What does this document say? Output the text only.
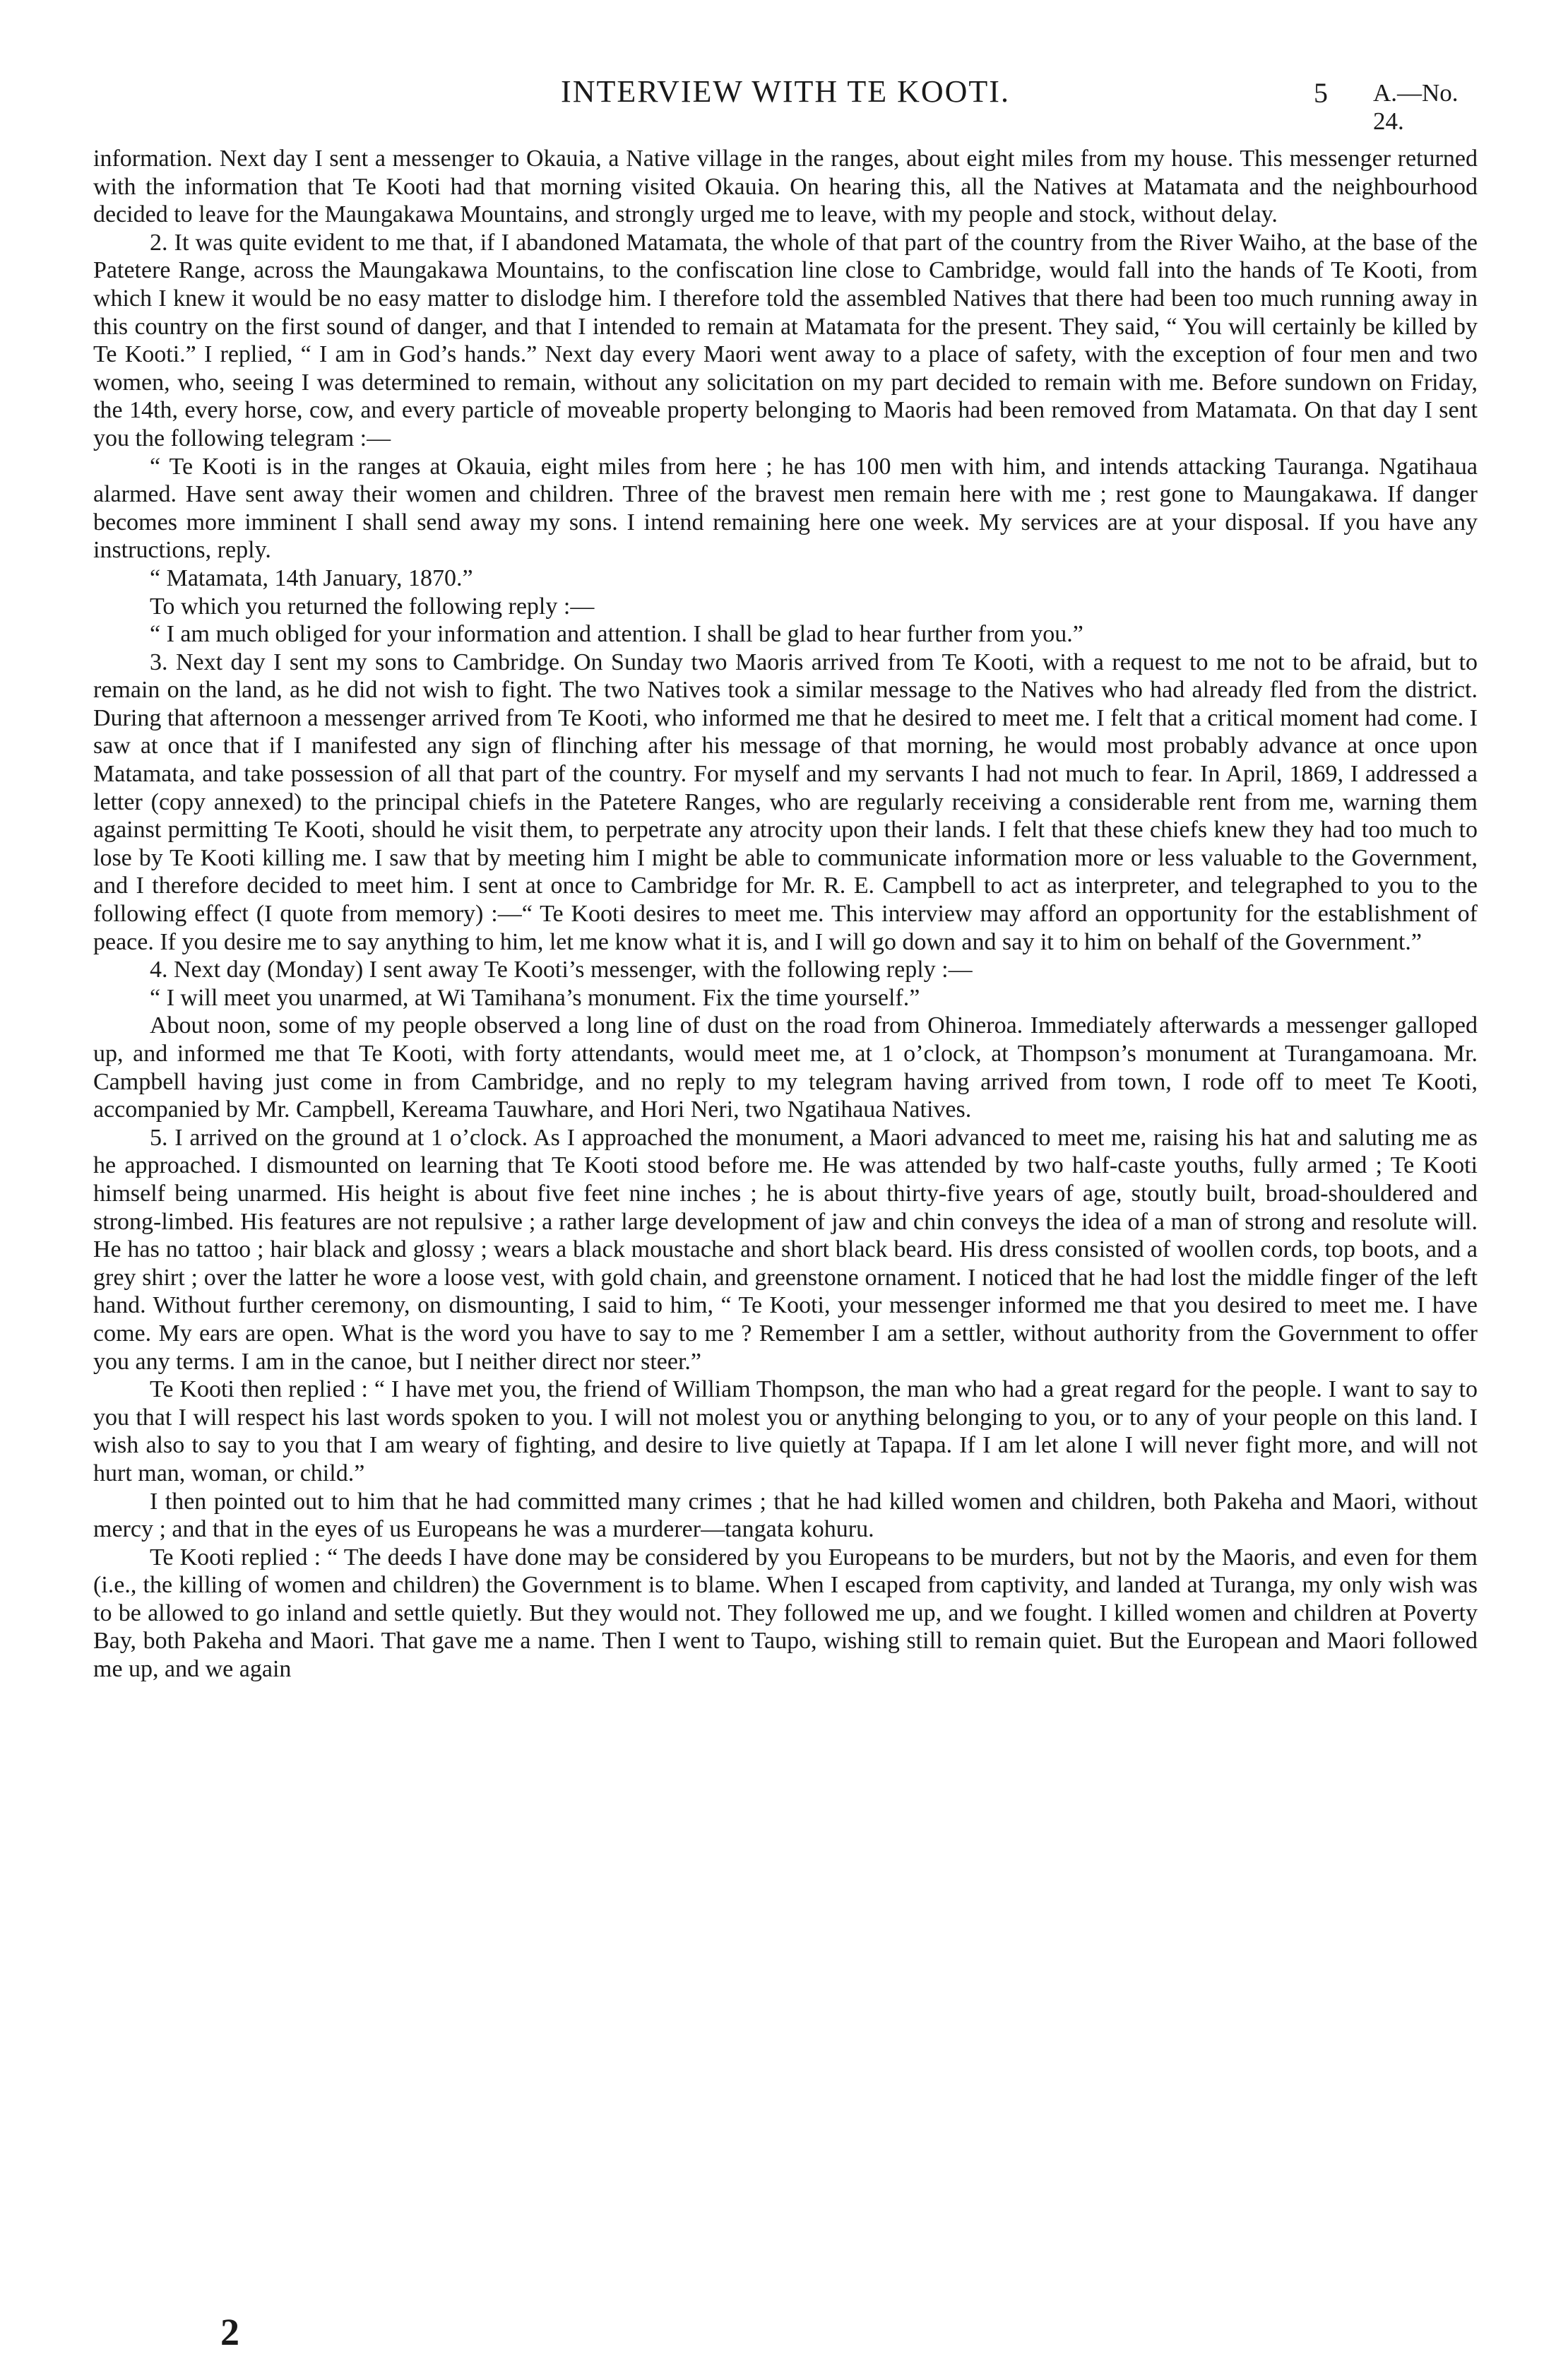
INTERVIEW WITH TE KOOTI.	5 A.—No. 24.

information. Next day I sent a messenger to Okauia, a Native village in the ranges, about eight miles from my house. This messenger returned with the information that Te Kooti had that morning visited Okauia. On hearing this, all the Natives at Matamata and the neighbourhood decided to leave for the Maungakawa Mountains, and strongly urged me to leave, with my people and stock, without delay.

2. It was quite evident to me that, if I abandoned Matamata, the whole of that part of the country from the River Waiho, at the base of the Patetere Range, across the Maungakawa Mountains, to the confiscation line close to Cambridge, would fall into the hands of Te Kooti, from which I knew it would be no easy matter to dislodge him. I therefore told the assembled Natives that there had been too much running away in this country on the first sound of danger, and that I intended to remain at Matamata for the present. They said, “ You will certainly be killed by Te Kooti.” I replied, “ I am in God’s hands.” Next day every Maori went away to a place of safety, with the exception of four men and two women, who, seeing I was determined to remain, without any solicitation on my part decided to remain with me. Before sundown on Friday, the 14th, every horse, cow, and every particle of moveable property belonging to Maoris had been removed from Matamata. On that day I sent you the following telegram :—

“ Te Kooti is in the ranges at Okauia, eight miles from here ; he has 100 men with him, and intends attacking Tauranga. Ngatihaua alarmed. Have sent away their women and children. Three of the bravest men remain here with me ; rest gone to Maungakawa. If danger becomes more imminent I shall send away my sons. I intend remaining here one week. My services are at your disposal. If you have any instructions, reply.

“ Matamata, 14th January, 1870.”

To which you returned the following reply :—

“ I am much obliged for your information and attention. I shall be glad to hear further from you.”

3. Next day I sent my sons to Cambridge. On Sunday two Maoris arrived from Te Kooti, with a request to me not to be afraid, but to remain on the land, as he did not wish to fight. The two Natives took a similar message to the Natives who had already fled from the district. During that afternoon a messenger arrived from Te Kooti, who informed me that he desired to meet me. I felt that a critical moment had come. I saw at once that if I manifested any sign of flinching after his message of that morning, he would most probably advance at once upon Matamata, and take possession of all that part of the country. For myself and my servants I had not much to fear. In April, 1869, I addressed a letter (copy annexed) to the principal chiefs in the Patetere Ranges, who are regularly receiving a considerable rent from me, warning them against permitting Te Kooti, should he visit them, to perpetrate any atrocity upon their lands. I felt that these chiefs knew they had too much to lose by Te Kooti killing me. I saw that by meeting him I might be able to communicate information more or less valuable to the Government, and I therefore decided to meet him. I sent at once to Cambridge for Mr. R. E. Campbell to act as interpreter, and telegraphed to you to the following effect (I quote from memory) :—“ Te Kooti desires to meet me. This interview may afford an opportunity for the establishment of peace. If you desire me to say anything to him, let me know what it is, and I will go down and say it to him on behalf of the Government.”

4. Next day (Monday) I sent away Te Kooti’s messenger, with the following reply :—

“ I will meet you unarmed, at Wi Tamihana’s monument. Fix the time yourself.”

About noon, some of my people observed a long line of dust on the road from Ohineroa. Immediately afterwards a messenger galloped up, and informed me that Te Kooti, with forty attendants, would meet me, at 1 o’clock, at Thompson’s monument at Turangamoana. Mr. Campbell having just come in from Cambridge, and no reply to my telegram having arrived from town, I rode off to meet Te Kooti, accompanied by Mr. Campbell, Kereama Tauwhare, and Hori Neri, two Ngatihaua Natives.

5. I arrived on the ground at 1 o’clock. As I approached the monument, a Maori advanced to meet me, raising his hat and saluting me as he approached. I dismounted on learning that Te Kooti stood before me. He was attended by two half-caste youths, fully armed ; Te Kooti himself being unarmed. His height is about five feet nine inches ; he is about thirty-five years of age, stoutly built, broad-shouldered and strong-limbed. His features are not repulsive ; a rather large development of jaw and chin conveys the idea of a man of strong and resolute will. He has no tattoo ; hair black and glossy ; wears a black moustache and short black beard. His dress consisted of woollen cords, top boots, and a grey shirt ; over the latter he wore a loose vest, with gold chain, and greenstone ornament. I noticed that he had lost the middle finger of the left hand. Without further ceremony, on dismounting, I said to him, “ Te Kooti, your messenger informed me that you desired to meet me. I have come. My ears are open. What is the word you have to say to me ? Remember I am a settler, without authority from the Government to offer you any terms. I am in the canoe, but I neither direct nor steer.”

Te Kooti then replied : “ I have met you, the friend of William Thompson, the man who had a great regard for the people. I want to say to you that I will respect his last words spoken to you. I will not molest you or anything belonging to you, or to any of your people on this land. I wish also to say to you that I am weary of fighting, and desire to live quietly at Tapapa. If I am let alone I will never fight more, and will not hurt man, woman, or child.”

I then pointed out to him that he had committed many crimes ; that he had killed women and children, both Pakeha and Maori, without mercy ; and that in the eyes of us Europeans he was a murderer—tangata kohuru.

Te Kooti replied : “ The deeds I have done may be considered by you Europeans to be murders, but not by the Maoris, and even for them (i.e., the killing of women and children) the Government is to blame. When I escaped from captivity, and landed at Turanga, my only wish was to be allowed to go inland and settle quietly. But they would not. They followed me up, and we fought. I killed women and children at Poverty Bay, both Pakeha and Maori. That gave me a name. Then I went to Taupo, wishing still to remain quiet. But the European and Maori followed me up, and we again

2
